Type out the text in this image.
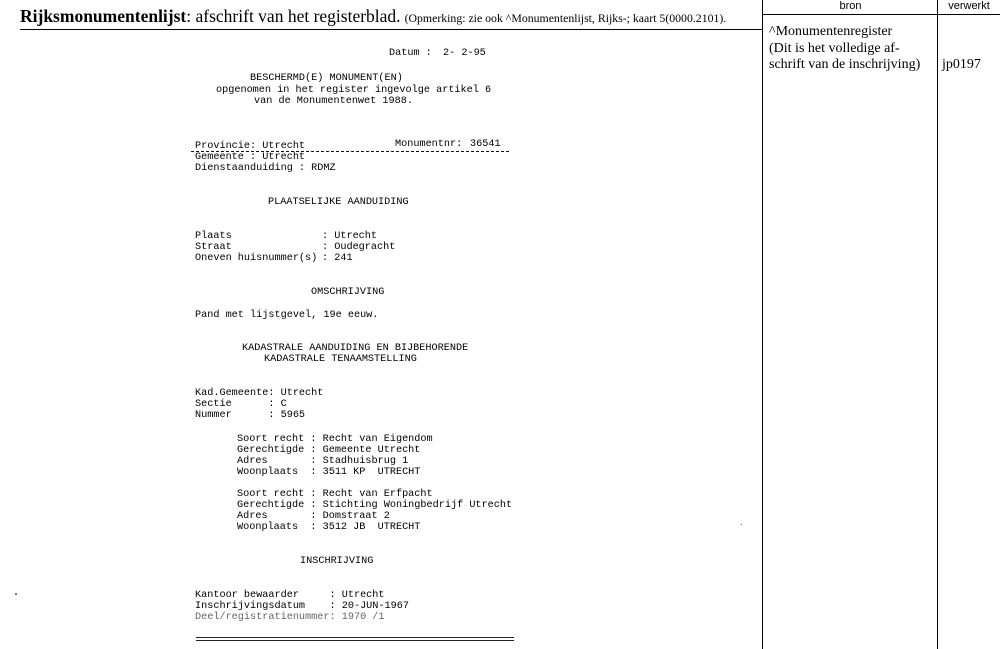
Rijksmonumentenlijst: afschrift van het registerblad. (Opmerking: zie ook ^Monumentenlijst, Rijks-; kaart 5(0000.2101).
bron	verwerkt
^Monumentenregister
(Dit is het volledige af-
schrift van de inschrijving)	jp0197
Datum : 2- 2-95
BESCHERMD(E) MONUMENT(EN)
opgenomen in het register ingevolge artikel 6
van de Monumentenwet 1988.
Provincie: Utrecht	Monumentnr: 36541
Gemeente : Utrecht
Dienstaanduiding : RDMZ
PLAATSELIJKE AANDUIDING
Plaats	: Utrecht
Straat	: Oudegracht
Oneven huisnummer(s) : 241
OMSCHRIJVING
Pand met lijstgevel, 19e eeuw.
KADASTRALE AANDUIDING EN BIJBEHORENDE
KADASTRALE TENAAMSTELLING
Kad.Gemeente: Utrecht
Sectie      : C
Nummer      : 5965
Soort recht : Recht van Eigendom
Gerechtigde : Gemeente Utrecht
Adres       : Stadhuisbrug 1
Woonplaats  : 3511 KP  UTRECHT
Soort recht : Recht van Erfpacht
Gerechtigde : Stichting Woningbedrijf Utrecht
Adres       : Domstraat 2
Woonplaats  : 3512 JB  UTRECHT
INSCHRIJVING
Kantoor bewaarder     : Utrecht
Inschrijvingsdatum    : 20-JUN-1967
Deel/registratienummer: 1970 /1
